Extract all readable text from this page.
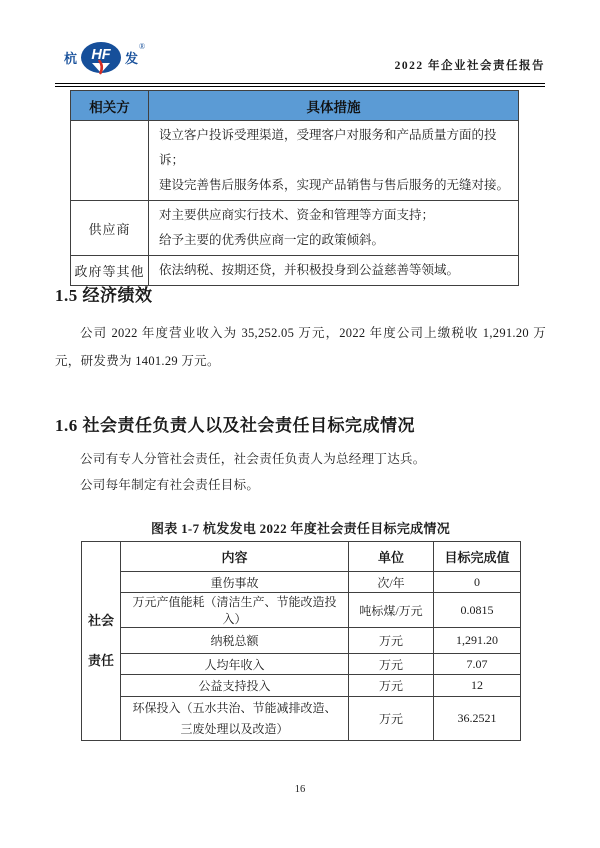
杭 HF 发
®
2022 年企业社会责任报告
相关方	具体措施

	设立客户投诉受理渠道，受理客户对服务和产品质量方面的投诉；
建设完善售后服务体系，实现产品销售与售后服务的无缝对接。

供应商	对主要供应商实行技术、资金和管理等方面支持；
给予主要的优秀供应商一定的政策倾斜。

政府等其他	依法纳税、按期还贷，并积极投身到公益慈善等领域。
1.5 经济绩效
公司 2022 年度营业收入为 35,252.05 万元，2022 年度公司上缴税收 1,291.20 万元，研发费为 1401.29 万元。
1.6 社会责任负责人以及社会责任目标完成情况
公司有专人分管社会责任，社会责任负责人为总经理丁达兵。
公司每年制定有社会责任目标。
图表 1-7 杭发发电 2022 年度社会责任目标完成情况
社会
责任	内容	单位	目标完成值
	重伤事故	次/年	0
	万元产值能耗（清洁生产、节能改造投入）	吨标煤/万元	0.0815
	纳税总额	万元	1,291.20
	人均年收入	万元	7.07
	公益支持投入	万元	12
	环保投入（五水共治、节能减排改造、三废处理以及改造）	万元	36.2521
16
